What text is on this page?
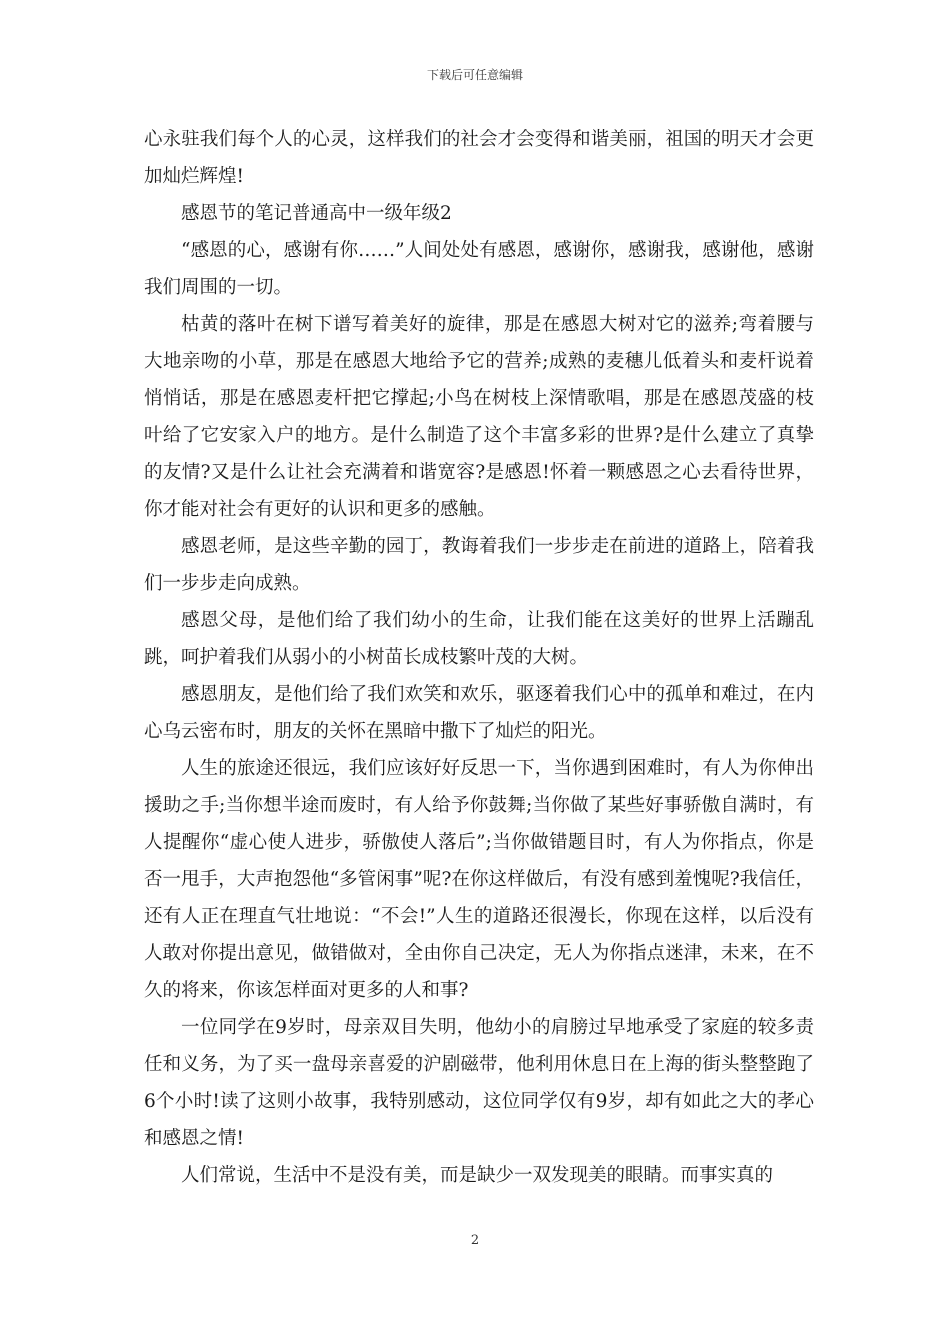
下载后可任意编辑

心永驻我们每个人的心灵，这样我们的社会才会变得和谐美丽，祖国的明天才会更加灿烂辉煌!

感恩节的笔记普通高中一级年级2

“感恩的心，感谢有你……”人间处处有感恩，感谢你，感谢我，感谢他，感谢我们周围的一切。

枯黄的落叶在树下谱写着美好的旋律，那是在感恩大树对它的滋养;弯着腰与大地亲吻的小草，那是在感恩大地给予它的营养;成熟的麦穗儿低着头和麦杆说着悄悄话，那是在感恩麦杆把它撑起;小鸟在树枝上深情歌唱，那是在感恩茂盛的枝叶给了它安家入户的地方。是什么制造了这个丰富多彩的世界?是什么建立了真挚的友情?又是什么让社会充满着和谐宽容?是感恩!怀着一颗感恩之心去看待世界，你才能对社会有更好的认识和更多的感触。

感恩老师，是这些辛勤的园丁，教诲着我们一步步走在前进的道路上，陪着我们一步步走向成熟。

感恩父母，是他们给了我们幼小的生命，让我们能在这美好的世界上活蹦乱跳，呵护着我们从弱小的小树苗长成枝繁叶茂的大树。

感恩朋友，是他们给了我们欢笑和欢乐，驱逐着我们心中的孤单和难过，在内心乌云密布时，朋友的关怀在黑暗中撒下了灿烂的阳光。

人生的旅途还很远，我们应该好好反思一下，当你遇到困难时，有人为你伸出援助之手;当你想半途而废时，有人给予你鼓舞;当你做了某些好事骄傲自满时，有人提醒你“虚心使人进步，骄傲使人落后”;当你做错题目时，有人为你指点，你是否一甩手，大声抱怨他“多管闲事”呢?在你这样做后，有没有感到羞愧呢?我信任，还有人正在理直气壮地说：“不会!”人生的道路还很漫长，你现在这样，以后没有人敢对你提出意见，做错做对，全由你自己决定，无人为你指点迷津，未来，在不久的将来，你该怎样面对更多的人和事?

一位同学在9岁时，母亲双目失明，他幼小的肩膀过早地承受了家庭的较多责任和义务，为了买一盘母亲喜爱的沪剧磁带，他利用休息日在上海的街头整整跑了6个小时!读了这则小故事，我特别感动，这位同学仅有9岁，却有如此之大的孝心和感恩之情!

人们常说，生活中不是没有美，而是缺少一双发现美的眼睛。而事实真的

2
